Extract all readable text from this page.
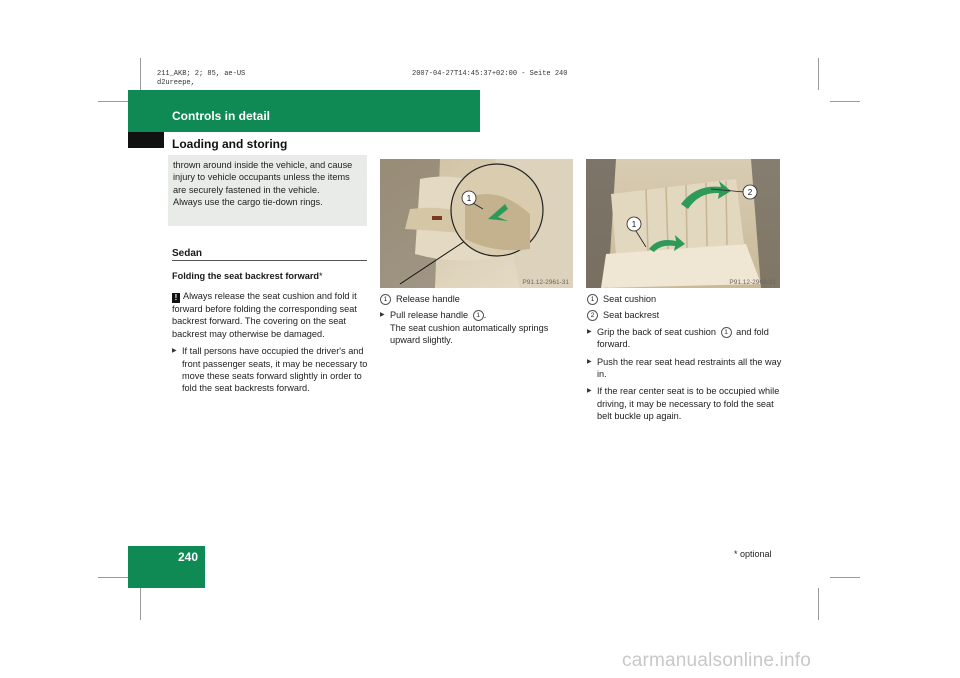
211_AKB; 2; 85, ae-US
d2ureepe,
2007-04-27T14:45:37+02:00 - Seite 240
Controls in detail
Loading and storing
thrown around inside the vehicle, and cause injury to vehicle occupants unless the items are securely fastened in the vehicle.
Always use the cargo tie-down rings.
Sedan
Folding the seat backrest forward*
! Always release the seat cushion and fold it forward before folding the corresponding seat backrest forward. The covering on the seat backrest may otherwise be damaged.
▶ If tall persons have occupied the driver's and front passenger seats, it may be necessary to move these seats forward slightly in order to fold the seat backrests forward.
1
P91.12-2961-31
1 Release handle
▶ Pull release handle 1 .
The seat cushion automatically springs upward slightly.
2
1
P91.12-2962-31
1 Seat cushion
2 Seat backrest
▶ Grip the back of seat cushion 1 and fold forward.
▶ Push the rear seat head restraints all the way in.
▶ If the rear center seat is to be occupied while driving, it may be necessary to fold the seat belt buckle up again.
240	* optional
carmanualsonline.info
